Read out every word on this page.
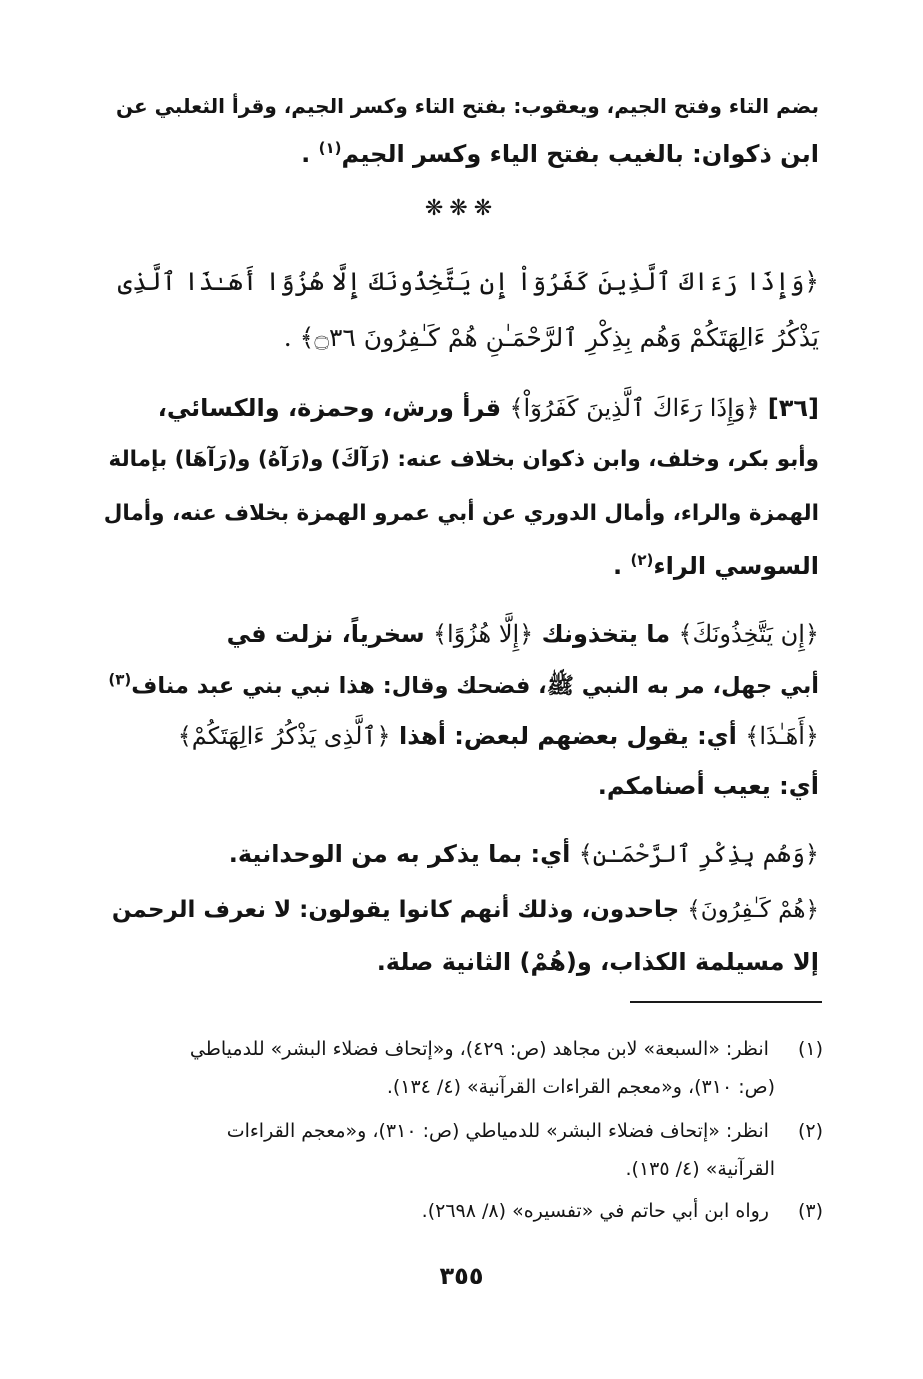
بضم التاء وفتح الجيم، ويعقوب: بفتح التاء وكسر الجيم، وقرأ الثعلبي عن
ابن ذكوان: بالغيب بفتح الياء وكسر الجيم$^{(١)}$ .
❋❋❋
﴿وَإِذَا رَءَاكَ ٱلَّذِينَ كَفَرُوٓاْ إِن يَتَّخِذُونَكَ إِلَّا هُزُوًا أَهَـٰذَا ٱلَّذِى
يَذْكُرُ ءَالِهَتَكُمْ وَهُم بِذِكْرِ ٱلرَّحْمَـٰنِ هُمْ كَـٰفِرُونَ ۝٣٦﴾ .
[٣٦] ﴿وَإِذَا رَءَاكَ ٱلَّذِينَ كَفَرُوٓاْ﴾ قرأ ورش، وحمزة، والكسائي،
وأبو بكر، وخلف، وابن ذكوان بخلاف عنه: (رَآكَ) و(رَآهُ) و(رَآهَا) بإمالة
الهمزة والراء، وأمال الدوري عن أبي عمرو الهمزة بخلاف عنه، وأمال
السوسي الراء$^{(٢)}$ .
﴿إِن يَتَّخِذُونَكَ﴾ ما يتخذونك ﴿إِلَّا هُزُوًا﴾ سخرياً، نزلت في
أبي جهل، مر به النبي ﷺ، فضحك وقال: هذا نبي بني عبد مناف$^{(٣)}$
﴿أَهَـٰذَا﴾ أي: يقول بعضهم لبعض: أهذا ﴿ٱلَّذِى يَذْكُرُ ءَالِهَتَكُمْ﴾
أي: يعيب أصنامكم.
﴿وَهُم بِذِكْرِ ٱلرَّحْمَـٰنِ﴾ أي: بما يذكر به من الوحدانية.
﴿هُمْ كَـٰفِرُونَ﴾ جاحدون، وذلك أنهم كانوا يقولون: لا نعرف الرحمن
إلا مسيلمة الكذاب، و(هُمْ) الثانية صلة.
(١) انظر: «السبعة» لابن مجاهد (ص: ٤٢٩)، و«إتحاف فضلاء البشر» للدمياطي
(ص: ٣١٠)، و«معجم القراءات القرآنية» (٤/ ١٣٤).
(٢) انظر: «إتحاف فضلاء البشر» للدمياطي (ص: ٣١٠)، و«معجم القراءات
القرآنية» (٤/ ١٣٥).
(٣) رواه ابن أبي حاتم في «تفسيره» (٨/ ٢٦٩٨).
٣٥٥
